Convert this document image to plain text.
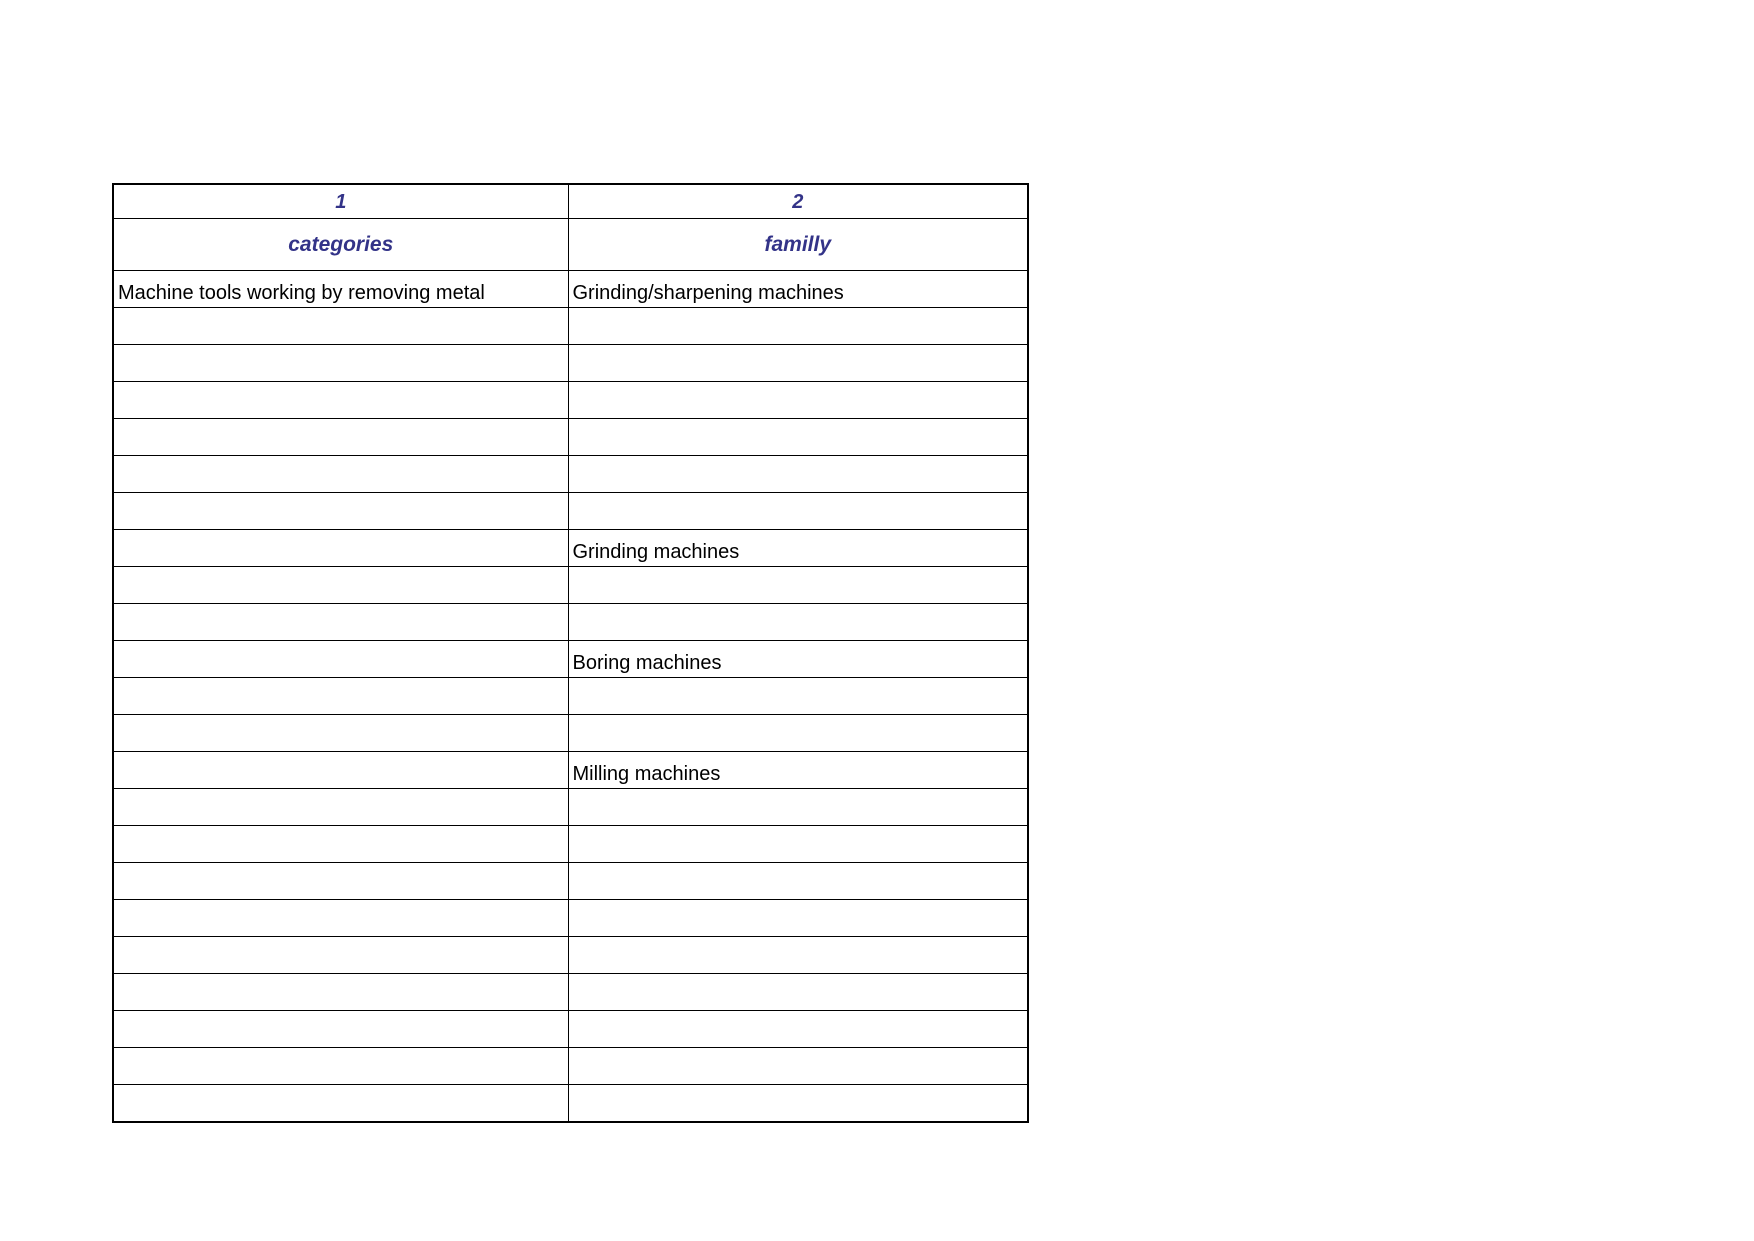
1	2
categories	familly
Machine tools working by removing metal	Grinding/sharpening machines

	Grinding machines

	Boring machines

	Milling machines
